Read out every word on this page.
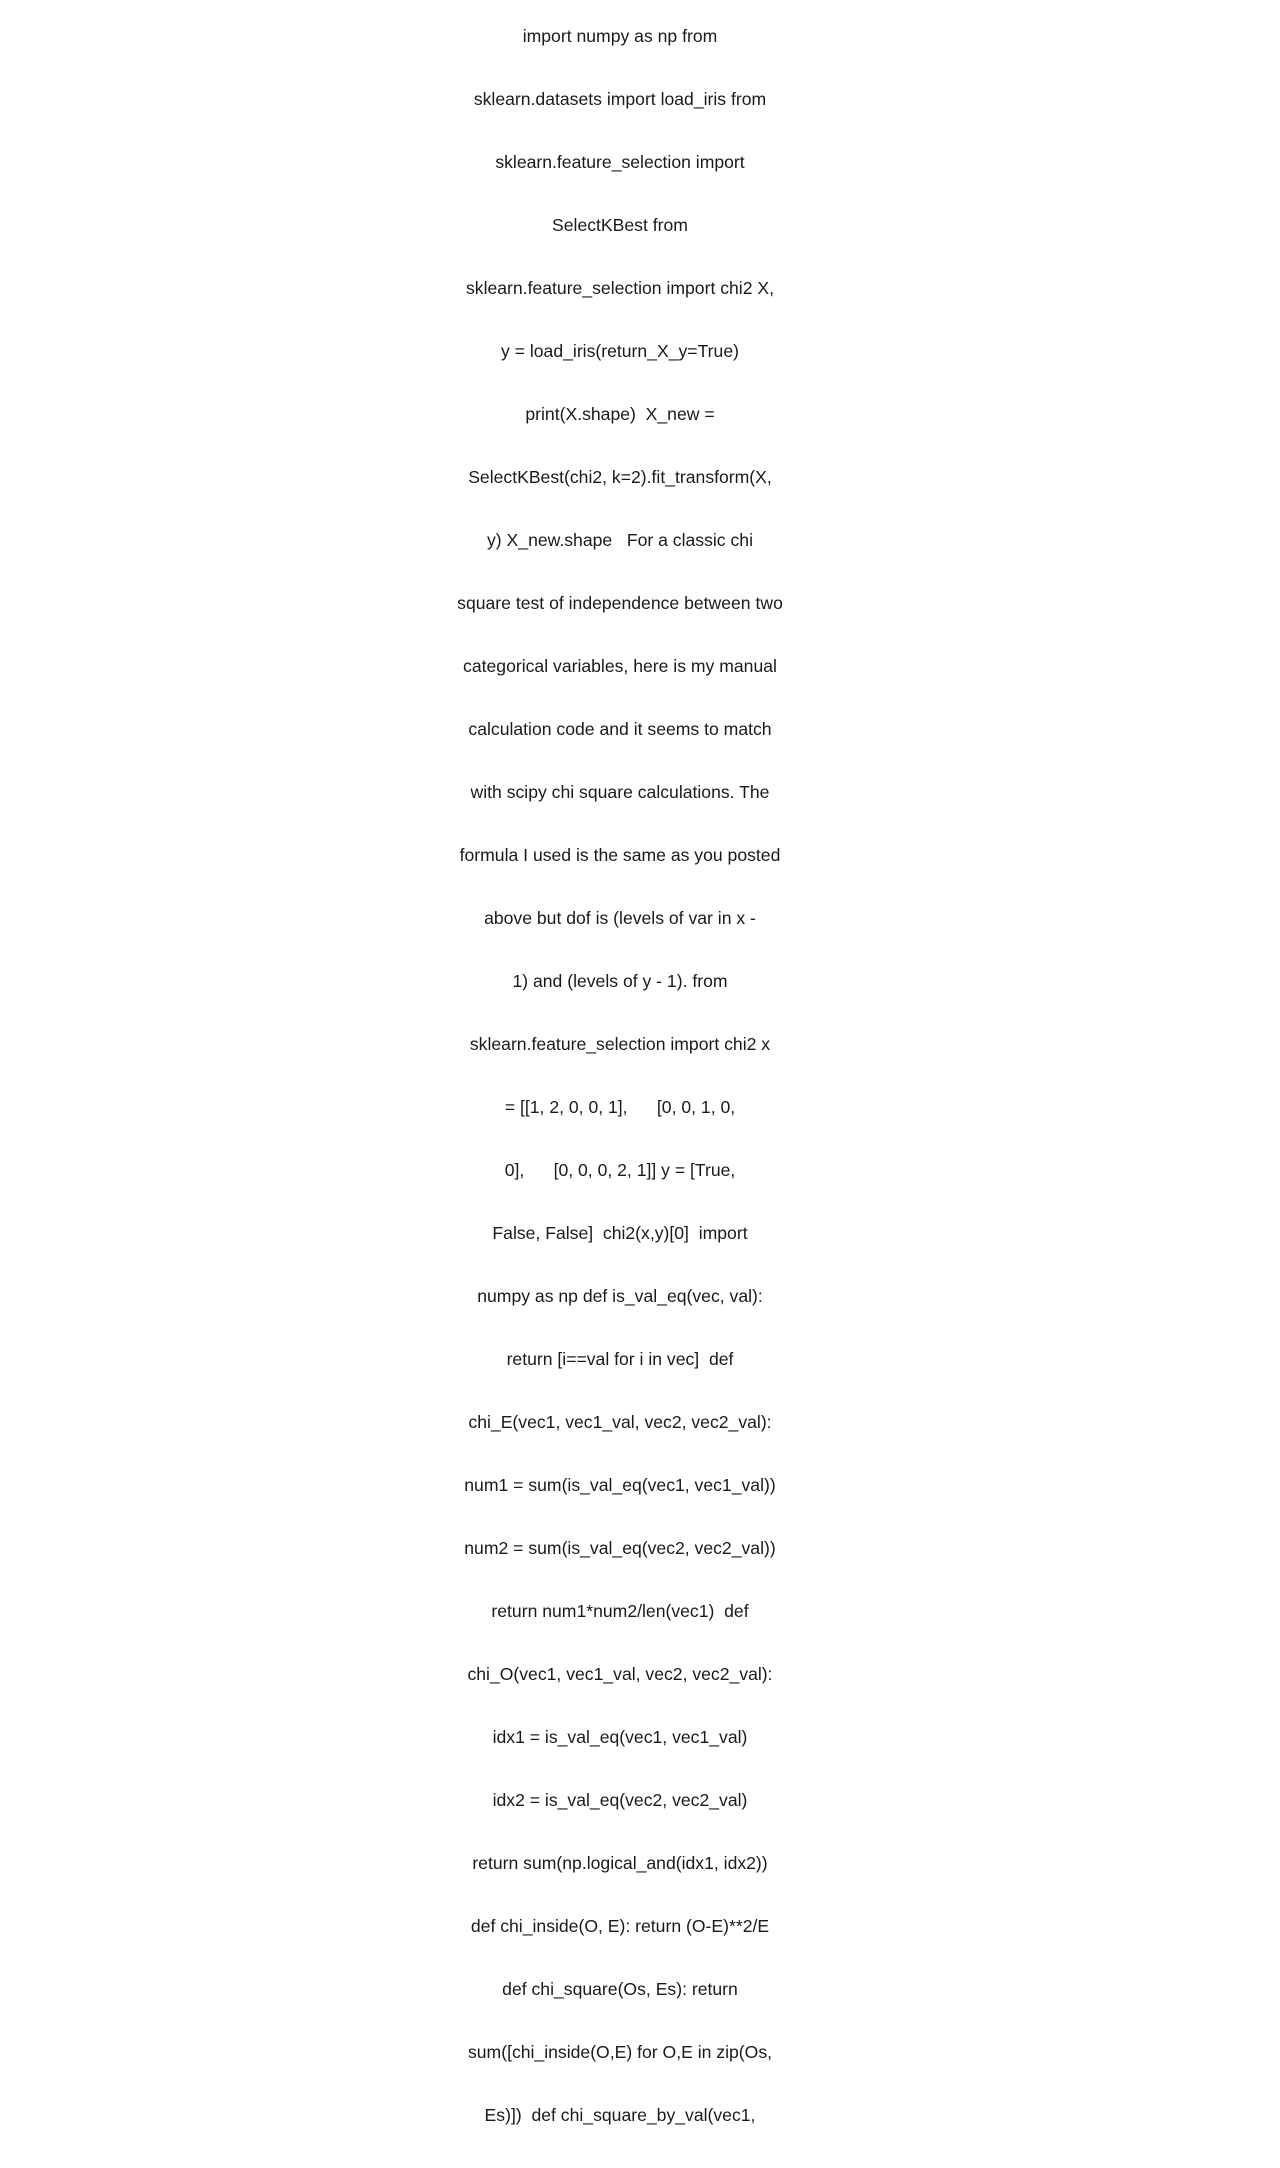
import numpy as np from

sklearn.datasets import load_iris from

sklearn.feature_selection import

SelectKBest from

sklearn.feature_selection import chi2 X,

y = load_iris(return_X_y=True)

print(X.shape)  X_new =

SelectKBest(chi2, k=2).fit_transform(X,

y) X_new.shape   For a classic chi

square test of independence between two

categorical variables, here is my manual

calculation code and it seems to match

with scipy chi square calculations. The

formula I used is the same as you posted

above but dof is (levels of var in x -

1) and (levels of y - 1). from

sklearn.feature_selection import chi2 x

= [[1, 2, 0, 0, 1],      [0, 0, 1, 0,

0],      [0, 0, 0, 2, 1]] y = [True,

False, False]  chi2(x,y)[0]  import

numpy as np def is_val_eq(vec, val):

return [i==val for i in vec]  def

chi_E(vec1, vec1_val, vec2, vec2_val):

num1 = sum(is_val_eq(vec1, vec1_val))

num2 = sum(is_val_eq(vec2, vec2_val))

return num1*num2/len(vec1)  def

chi_O(vec1, vec1_val, vec2, vec2_val):

idx1 = is_val_eq(vec1, vec1_val)

idx2 = is_val_eq(vec2, vec2_val)

return sum(np.logical_and(idx1, idx2))

def chi_inside(O, E): return (O-E)**2/E

def chi_square(Os, Es): return

sum([chi_inside(O,E) for O,E in zip(Os,

Es)])  def chi_square_by_val(vec1,
